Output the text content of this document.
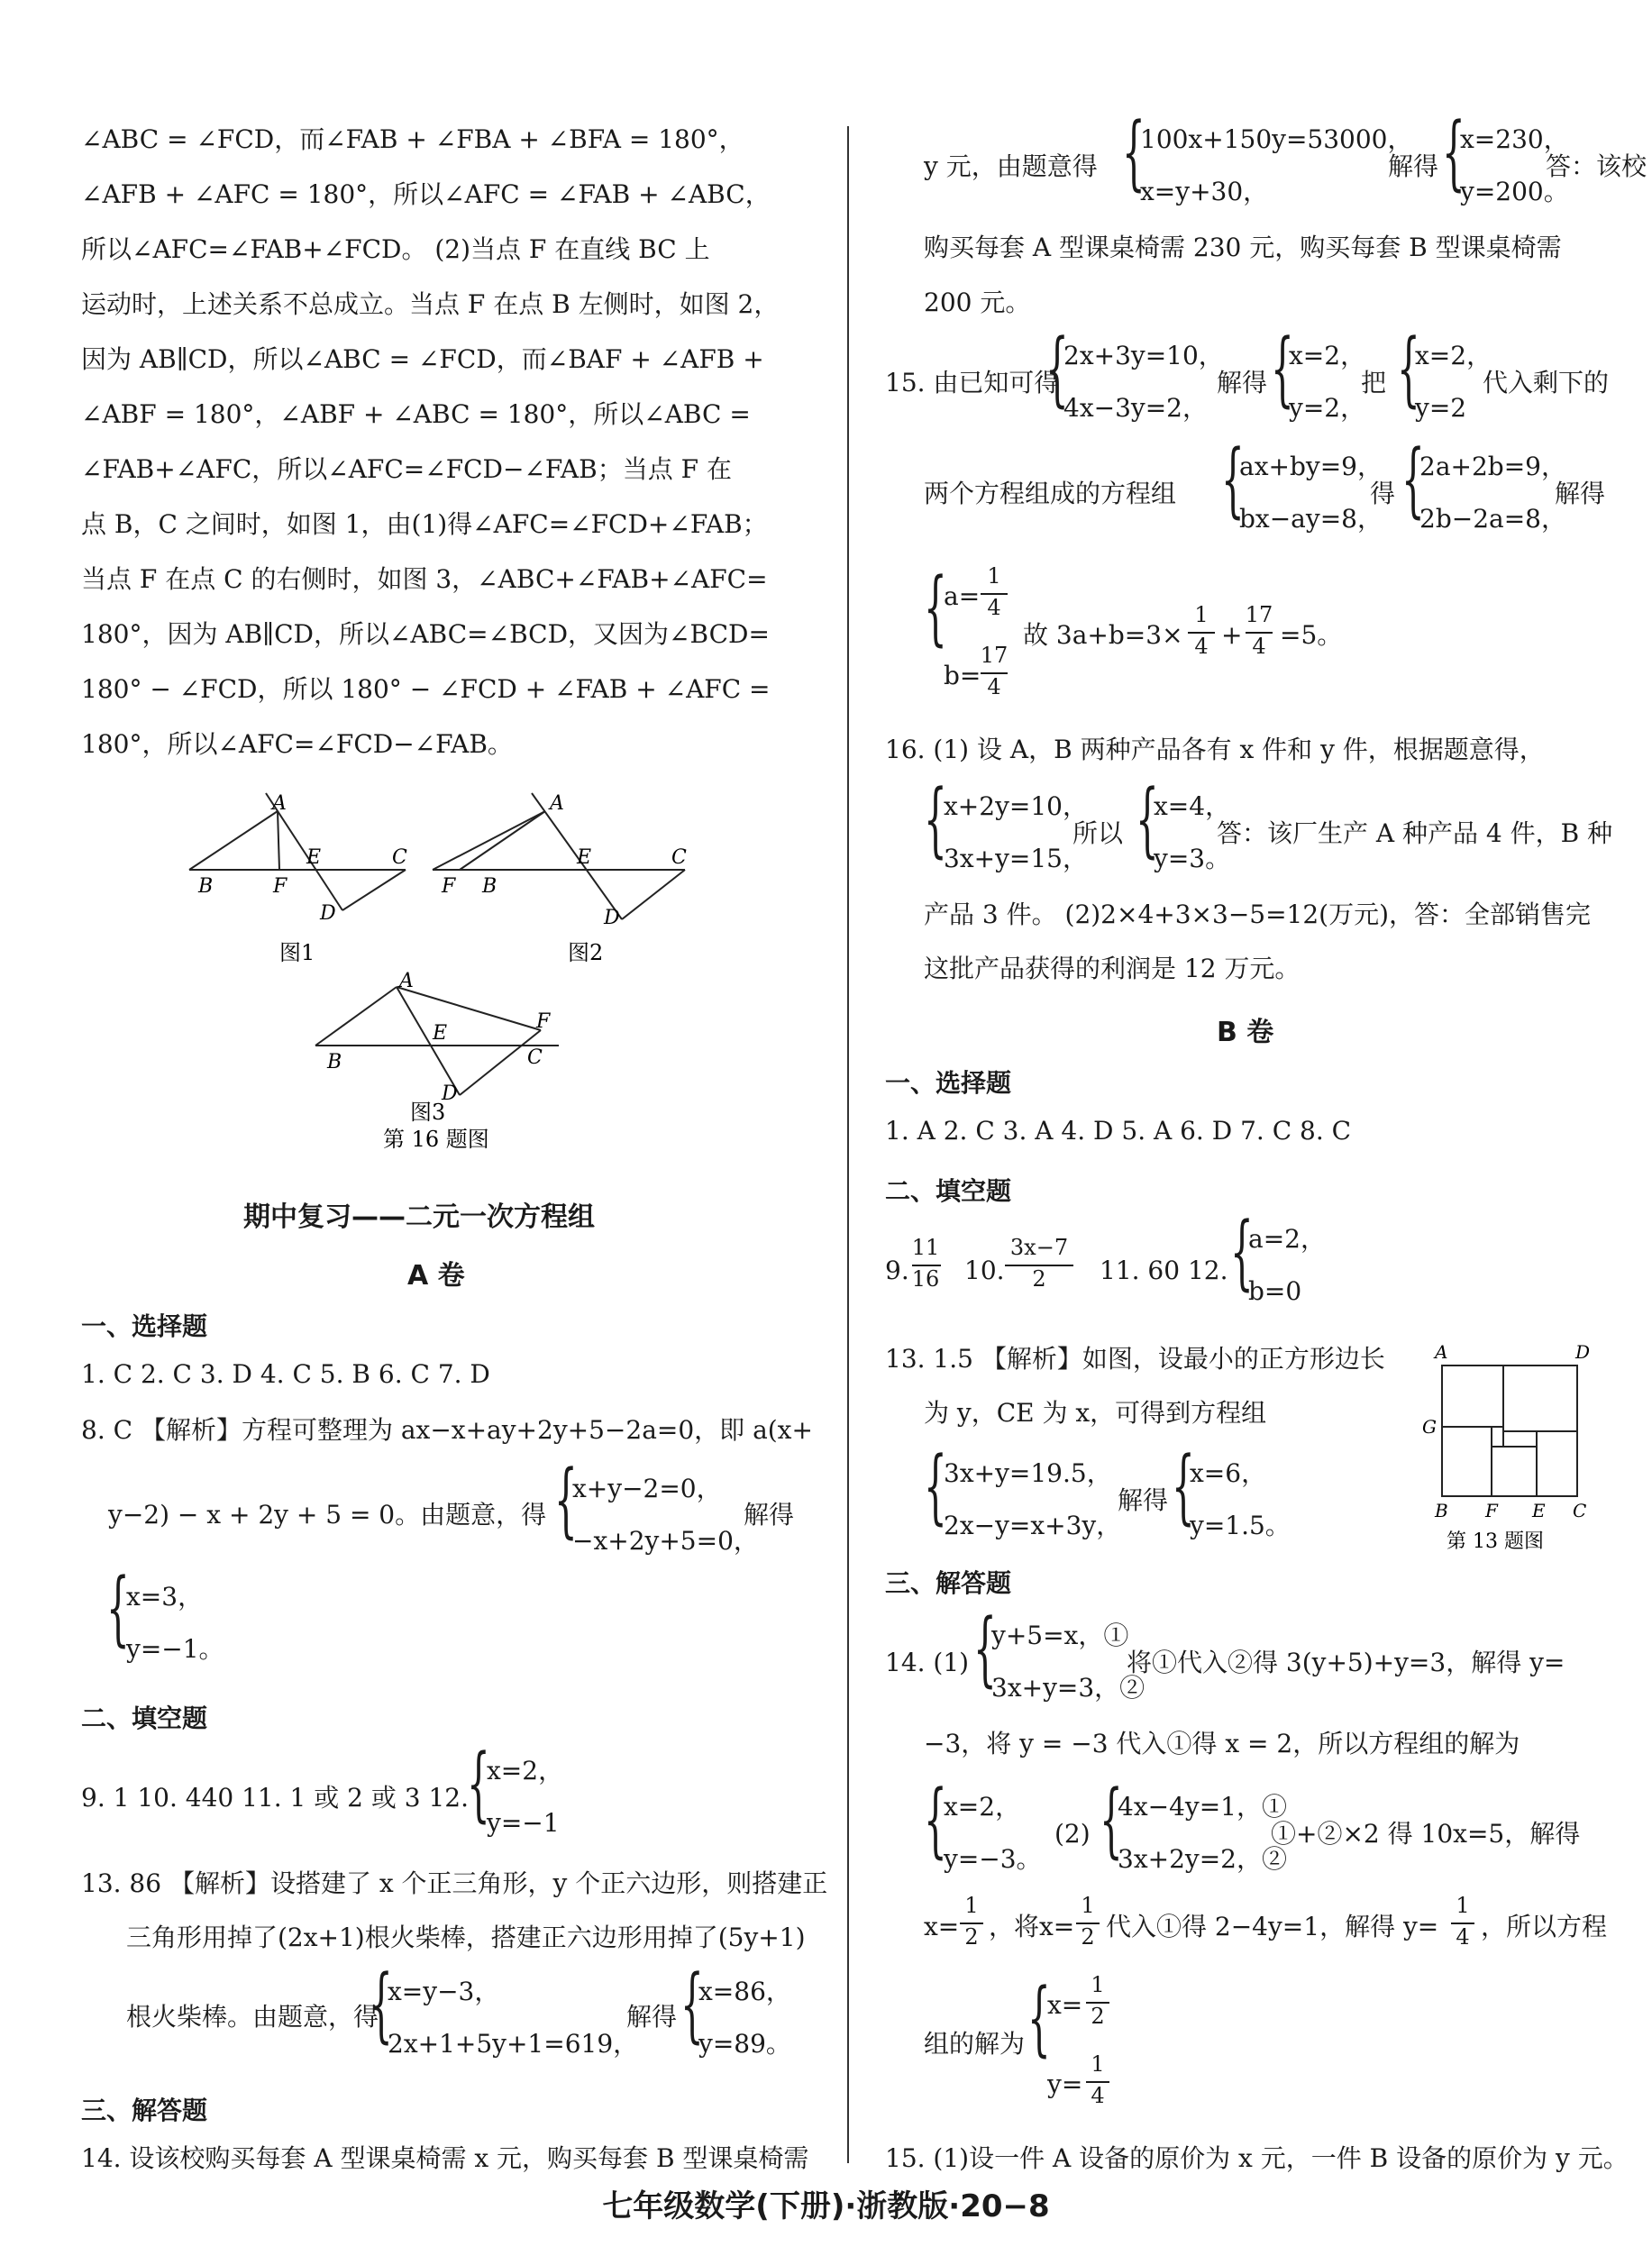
∠ABC = ∠FCD，而∠FAB + ∠FBA + ∠BFA = 180°，
∠AFB + ∠AFC = 180°，所以∠AFC = ∠FAB + ∠ABC，
所以∠AFC=∠FAB+∠FCD。 (2)当点 F 在直线 BC 上
运动时，上述关系不总成立。当点 F 在点 B 左侧时，如图 2，
因为 AB∥CD，所以∠ABC = ∠FCD，而∠BAF + ∠AFB +
∠ABF = 180°，∠ABF + ∠ABC = 180°，所以∠ABC =
∠FAB+∠AFC，所以∠AFC=∠FCD−∠FAB；当点 F 在
点 B，C 之间时，如图 1，由(1)得∠AFC=∠FCD+∠FAB；
当点 F 在点 C 的右侧时，如图 3，∠ABC+∠FAB+∠AFC=
180°，因为 AB∥CD，所以∠ABC=∠BCD，又因为∠BCD=
180° − ∠FCD，所以 180° − ∠FCD + ∠FAB + ∠AFC =
180°，所以∠AFC=∠FCD−∠FAB。
A
B	F
E	C
D
图1
A
F B
E	C
D
图2
A
B
E
C
F
D
图3
第 16 题图
期中复习——二元一次方程组
A 卷
一、选择题
1. C 2. C 3. D 4. C 5. B 6. C 7. D
8. C 【解析】方程可整理为 ax−x+ay+2y+5−2a=0，即 a(x+
y−2) − x + 2y + 5 = 0。由题意，得 {
x+y−2=0，
−x+2y+5=0，
解得
{
x=3，
y=−1。
二、填空题
9. 1 10. 440 11. 1 或 2 或 3 12.
{
x=2，
y=−1
13. 86 【解析】设搭建了 x 个正三角形，y 个正六边形，则搭建正
三角形用掉了(2x+1)根火柴棒，搭建正六边形用掉了(5y+1)
根火柴棒。由题意，得
{
x=y−3，
2x+1+5y+1=619，
解得 {
x=86，
y=89。
三、解答题
14. 设该校购买每套 A 型课桌椅需 x 元，购买每套 B 型课桌椅需
y 元，由题意得 {
100x+150y=53000，
x=y+30，
解得 {
x=230，
y=200。
答：该校
购买每套 A 型课桌椅需 230 元，购买每套 B 型课桌椅需
200 元。
15. 由已知可得
{
2x+3y=10，
4x−3y=2，
解得 {
x=2，
y=2，
把 {
x=2，
y=2
代入剩下的
两个方程组成的方程组 {
ax+by=9，
bx−ay=8，
得 {
2a+2b=9，
2b−2a=8，
解得
{
a=
1
4
b=
17
4
故 3a+b=3×
1
4 +
17
4 =5。
16. (1) 设 A，B 两种产品各有 x 件和 y 件，根据题意得，
{
x+2y=10，
3x+y=15，
所以 {
x=4，
y=3。
答：该厂生产 A 种产品 4 件，B 种
产品 3 件。 (2)2×4+3×3−5=12(万元)，答：全部销售完
这批产品获得的利润是 12 万元。
B 卷
一、选择题
1. A 2. C 3. A 4. D 5. A 6. D 7. C 8. C
二、填空题
9.
11
16 10.
3x−7
2	11. 60 12. {
a=2，
b=0
13. 1.5 【解析】如图，设最小的正方形边长
为 y，CE 为 x，可得到方程组
{
3x+y=19.5，
2x−y=x+3y，
解得 {
x=6，
y=1.5。
A	D
G
B F E C
第 13 题图
三、解答题
14. (1) {
y+5=x，①
3x+y=3，②
将①代入②得 3(y+5)+y=3，解得 y=
−3，将 y = −3 代入①得 x = 2，所以方程组的解为
{
x=2，
y=−3。
(2) {
4x−4y=1，①
3x+2y=2，②
①+②×2 得 10x=5，解得
x=
1
2 ，将x=
1
2 代入①得 2−4y=1，解得 y=
1
4 ，所以方程
组的解为 {
x=
1
2
y=
1
4
15. (1)设一件 A 设备的原价为 x 元，一件 B 设备的原价为 y 元。
七年级数学(下册)·浙教版·20−8
